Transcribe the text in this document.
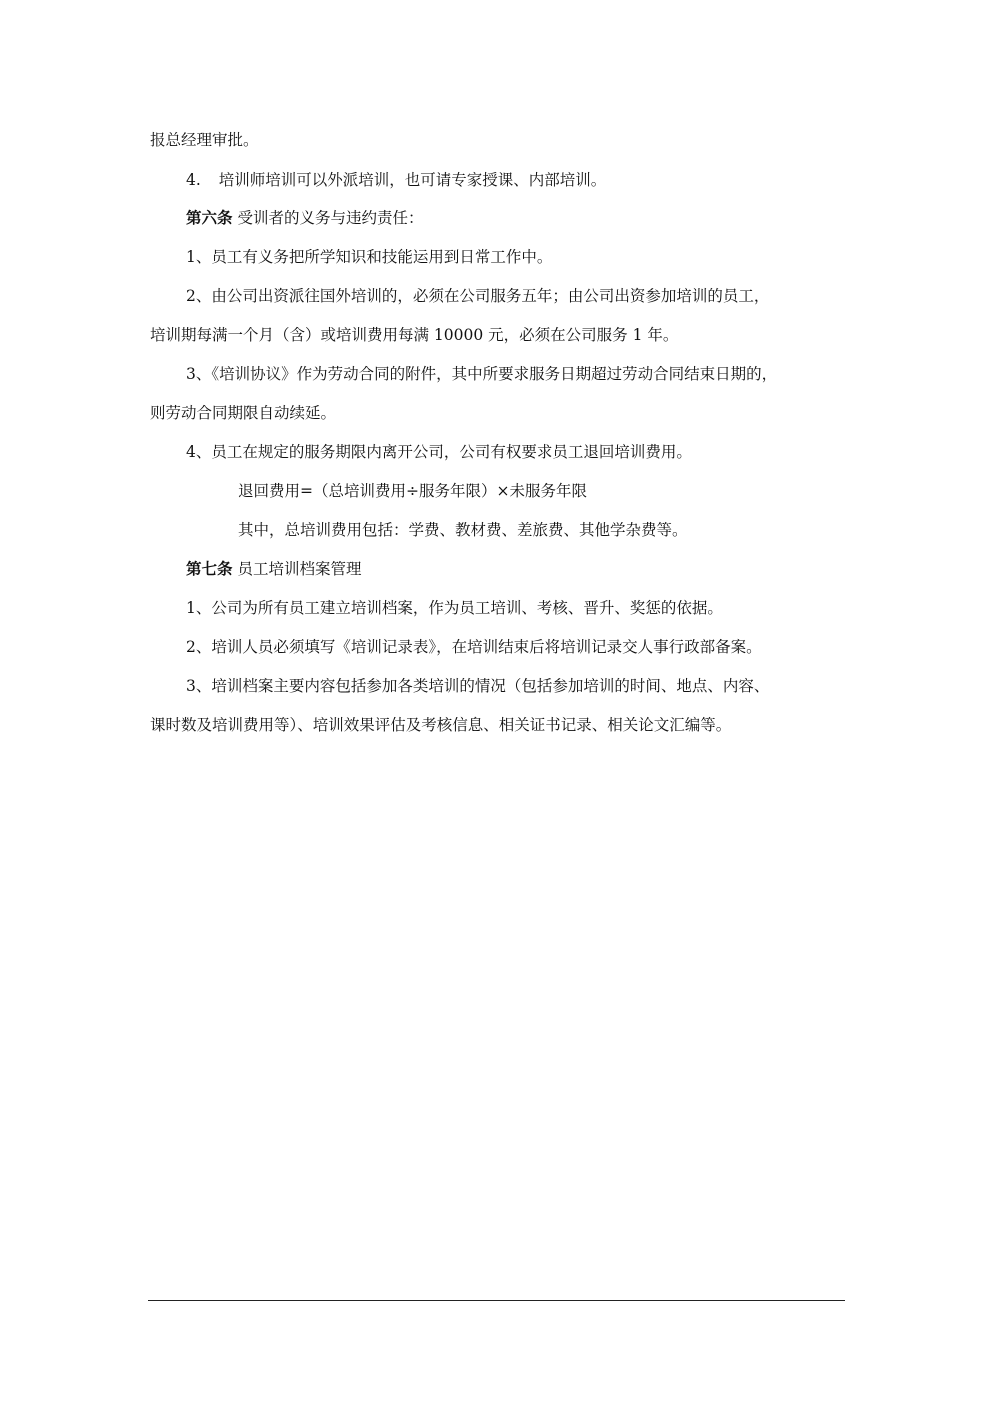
报总经理审批。
4. 培训师培训可以外派培训，也可请专家授课、内部培训。
第六条 受训者的义务与违约责任：
1、员工有义务把所学知识和技能运用到日常工作中。
2、由公司出资派往国外培训的，必须在公司服务五年；由公司出资参加培训的员工，
培训期每满一个月（含）或培训费用每满 10000 元，必须在公司服务 1 年。
3、《培训协议》作为劳动合同的附件，其中所要求服务日期超过劳动合同结束日期的，
则劳动合同期限自动续延。
4、员工在规定的服务期限内离开公司，公司有权要求员工退回培训费用。
退回费用=（总培训费用÷服务年限）×未服务年限
其中，总培训费用包括：学费、教材费、差旅费、其他学杂费等。
第七条 员工培训档案管理
1、公司为所有员工建立培训档案，作为员工培训、考核、晋升、奖惩的依据。
2、培训人员必须填写《培训记录表》，在培训结束后将培训记录交人事行政部备案。
3、培训档案主要内容包括参加各类培训的情况（包括参加培训的时间、地点、内容、
课时数及培训费用等）、培训效果评估及考核信息、相关证书记录、相关论文汇编等。
